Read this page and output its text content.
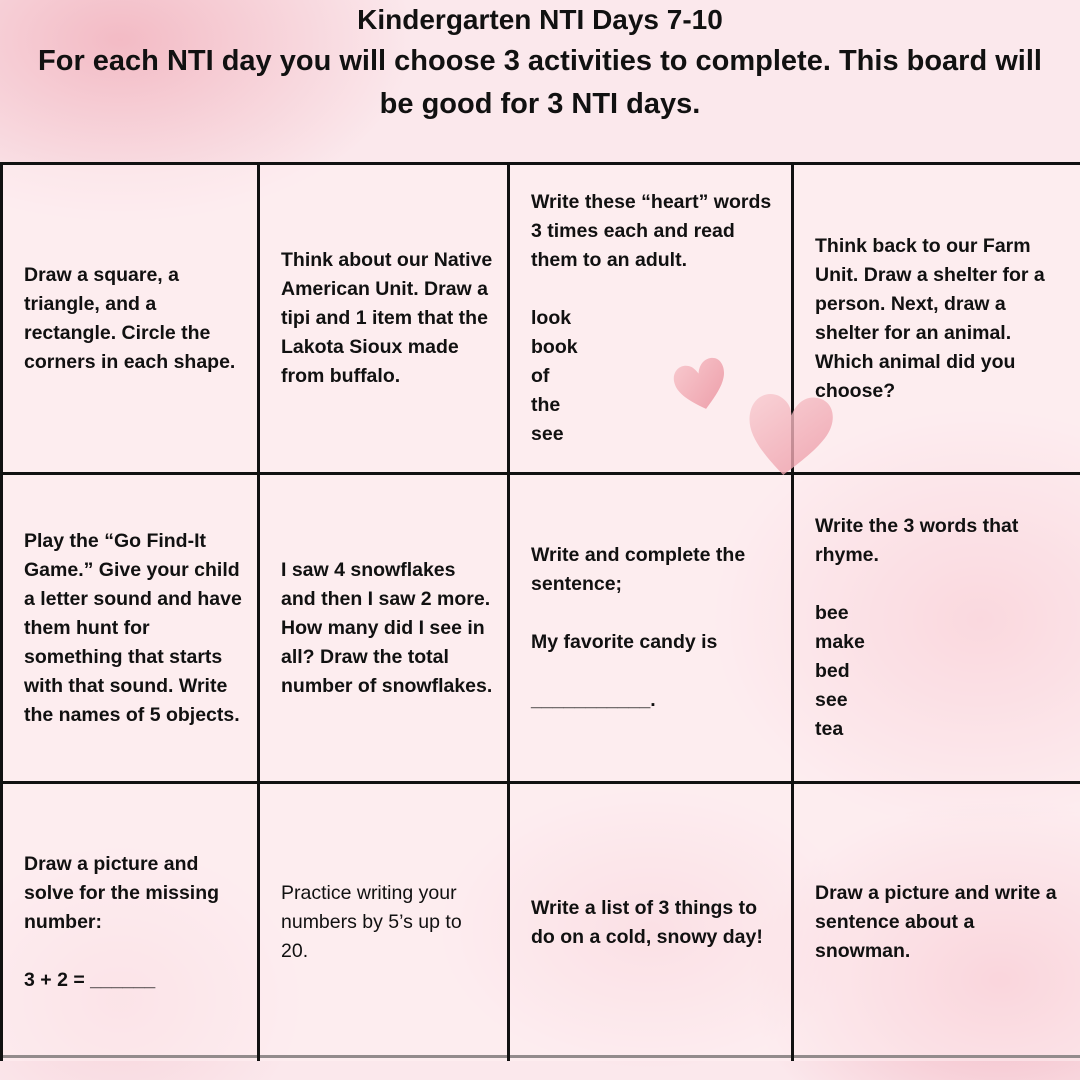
Kindergarten NTI Days 7-10
For each NTI day you will choose 3 activities to complete. This board will be good for 3 NTI days.
Draw a square, a triangle, and a rectangle. Circle the corners in each shape.
Think about our Native American Unit. Draw a tipi and 1 item that the Lakota Sioux made from buffalo.
Write these “heart” words 3 times each and read them to an adult.

look
book
of
the
see
Think back to our Farm Unit. Draw a shelter for a person. Next, draw a shelter for an animal. Which animal did you choose?
Play the “Go Find-It Game.” Give your child a letter sound and have them hunt for something that starts with that sound. Write the names of 5 objects.
I saw 4 snowflakes and then I saw 2 more. How many did I see in all? Draw the total number of snowflakes.
Write and complete the sentence;

My favorite candy is

___________.
Write the 3 words that rhyme.

bee
make
bed
see
tea
Draw a picture and solve for the missing number:

3 + 2 = ______
Practice writing your numbers by 5’s up to 20.
Write a list of 3 things to do on a cold, snowy day!
Draw a picture and write a sentence about a snowman.
